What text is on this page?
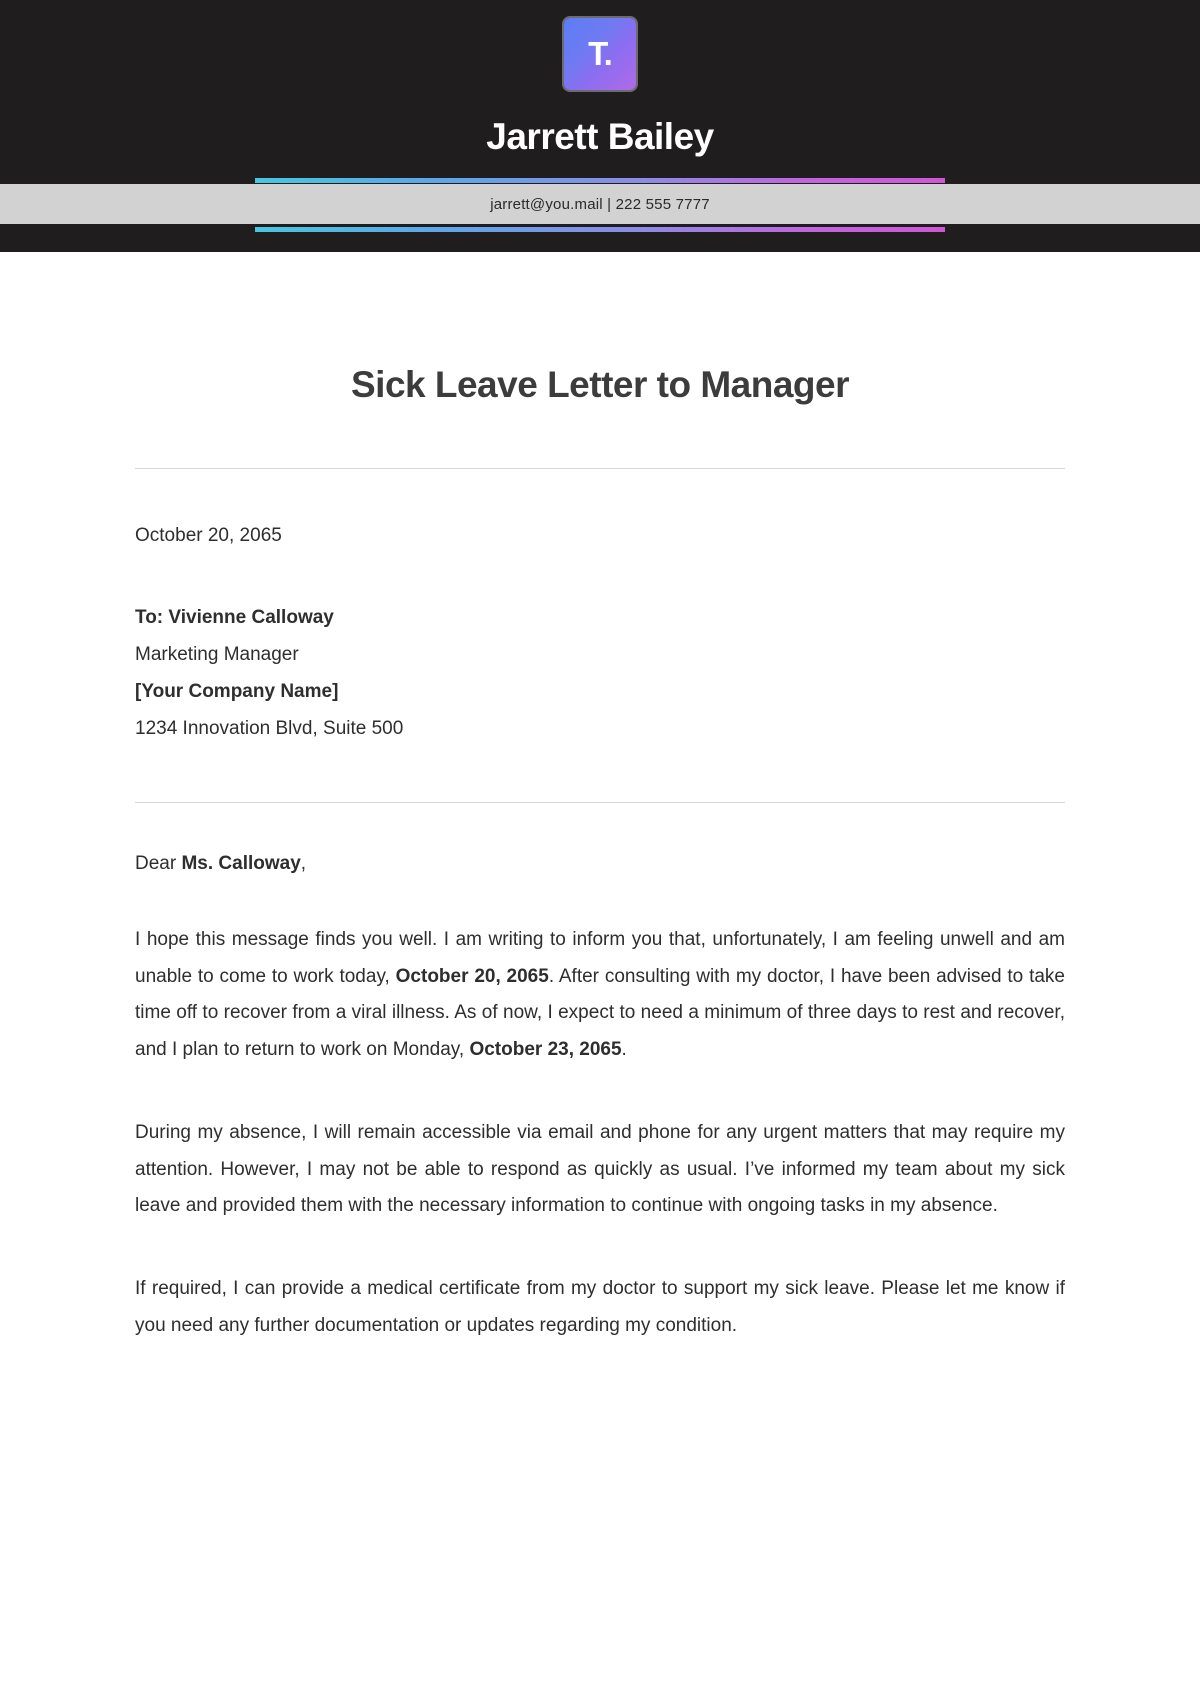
T.
Jarrett Bailey
jarrett@you.mail | 222 555 7777
Sick Leave Letter to Manager
October 20, 2065
To: Vivienne Calloway
Marketing Manager
[Your Company Name]
1234 Innovation Blvd, Suite 500
Dear Ms. Calloway,

I hope this message finds you well. I am writing to inform you that, unfortunately, I am feeling unwell and am unable to come to work today, October 20, 2065. After consulting with my doctor, I have been advised to take time off to recover from a viral illness. As of now, I expect to need a minimum of three days to rest and recover, and I plan to return to work on Monday, October 23, 2065.

During my absence, I will remain accessible via email and phone for any urgent matters that may require my attention. However, I may not be able to respond as quickly as usual. I’ve informed my team about my sick leave and provided them with the necessary information to continue with ongoing tasks in my absence.

If required, I can provide a medical certificate from my doctor to support my sick leave. Please let me know if you need any further documentation or updates regarding my condition.
